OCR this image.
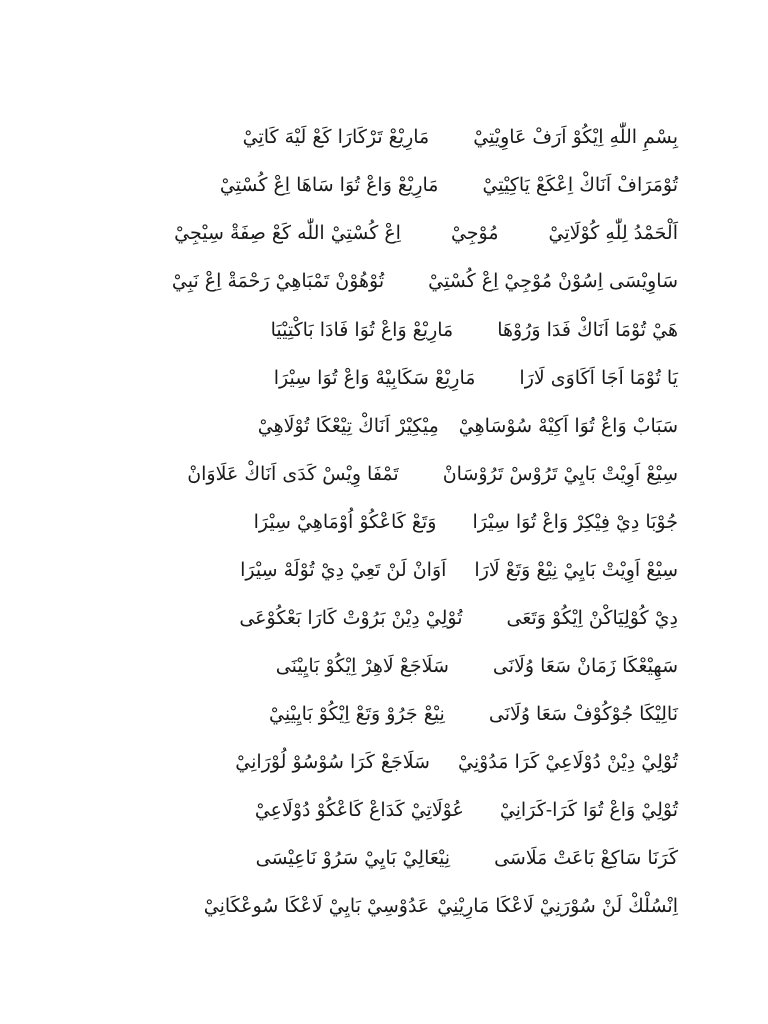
بِسْمِ اللّٰهِ اِيْكُوْ اَرَفْ عَاوِيْتِيْمَارِيْعْ تَرْكَارَا كَعْ لَيْهَ كَاتِيْ
تُوْمَرَافْ اَنَاكْ اِعْكَعْ يَاكِيْتِيْمَارِيْعْ وَاعْ تُوَا سَاهَا اِعْ كُسْتِيْ
اَلْحَمْدُ لِلّٰهِ كُوْلَاتِيْمُوْجِيْاِعْ كُسْتِيْ اللّٰه كَعْ صِفَةْ سِيْجِيْ
سَاوِيْسَى اِسُوْنْ مُوْجِيْ اِعْ كُسْتِيْتُوْهُوْنْ تَمْبَاهِيْ رَحْمَةْ اِعْ نَبِيْ
هَيْ تُوْمَا اَنَاكْ فَدَا وَرُوْهَامَارِيْعْ وَاعْ تُوَا فَادَا بَاكْتِيْيَا
يَا تُوْمَا اَجَا اَكَاوَى لَارَامَارِيْعْ سَكَابِيْهْ وَاعْ تُوَا سِيْرَا
سَبَابْ وَاعْ تُوَا اَكِيْهْ سُوْسَاهِيْمِيْكِيْرْ اَنَاكْ تِيْعْكَا تُوْلَاهِيْ
سِيْعْ اَوِيْتْ بَايِيْ تَرُوْسْ تَرُوْسَانْتَمْفَا وِيْسْ كَدَى اَنَاكْ عَلَاوَانْ
جُوْبَا دِيْ فِيْكِرْ وَاعْ تُوَا سِيْرَاوَتَعْ كَاعْكُوْ اُوْمَاهِيْ سِيْرَا
سِيْعْ اَوِيْتْ بَايِيْ نِيْعْ وَتَعْ لَارَااَوَانْ لَنْ تَعِيْ دِيْ تُوْلَهْ سِيْرَا
دِيْ كُوْلِيَاكْنْ اِيْكُوْ وَتَعَىتُوْلِيْ دِيْنْ بَرُوْتْ كَارَا بَعْكُوْعَى
سَهِيْعْكَا زَمَانْ سَعَا وُلَانَىسَلَاجَعْ لَاهِرْ اِيْكُوْ بَايِيْنَى
نَالِيْكَا جُوْكُوْفْ سَعَا وُلَانَىنِيْعْ جَرُوْ وَتَعْ اِيْكُوْ بَايِيْنِيْ
تُوْلِيْ دِيْنْ دُوْلَاعِيْ كَرَا مَدُوْنِيْسَلَاجَعْ كَرَا سُوْسُوْ لُوْرَانِيْ
تُوْلِيْ وَاعْ تُوَا كَرَا-كَرَانِيْعُوْلَاتِيْ كَدَاعْ كَاعْكُوْ دُوْلَاعِيْ
كَرَنَا سَاكِعْ بَاعَتْ مَلَاسَىنِيْعَالِيْ بَايِيْ سَرُوْ نَاعِيْسَى
اِنْسُلْكْ لَنْ سُوْرَنِيْ لَاعْكَا مَارِيْنِيْعَدُوْسِيْ بَايِيْ لَاعْكَا سُوعْكَانِيْ
